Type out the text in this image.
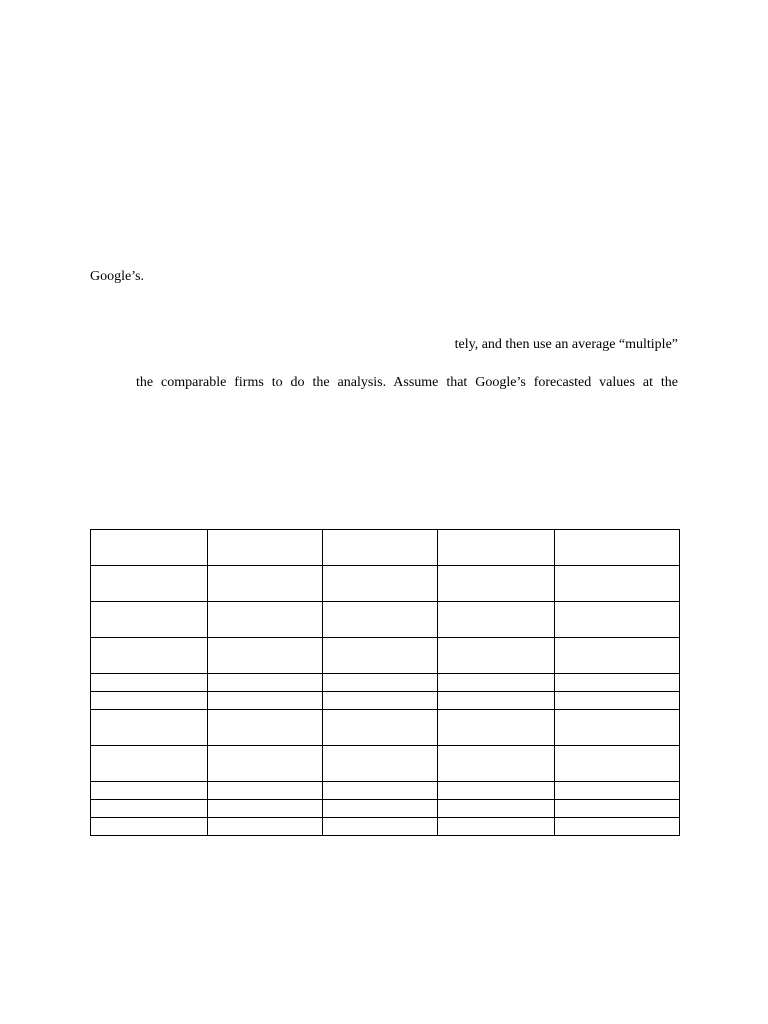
Google’s.

tely, and then use an average “multiple”

the comparable firms to do the analysis. Assume that Google’s forecasted values at the
